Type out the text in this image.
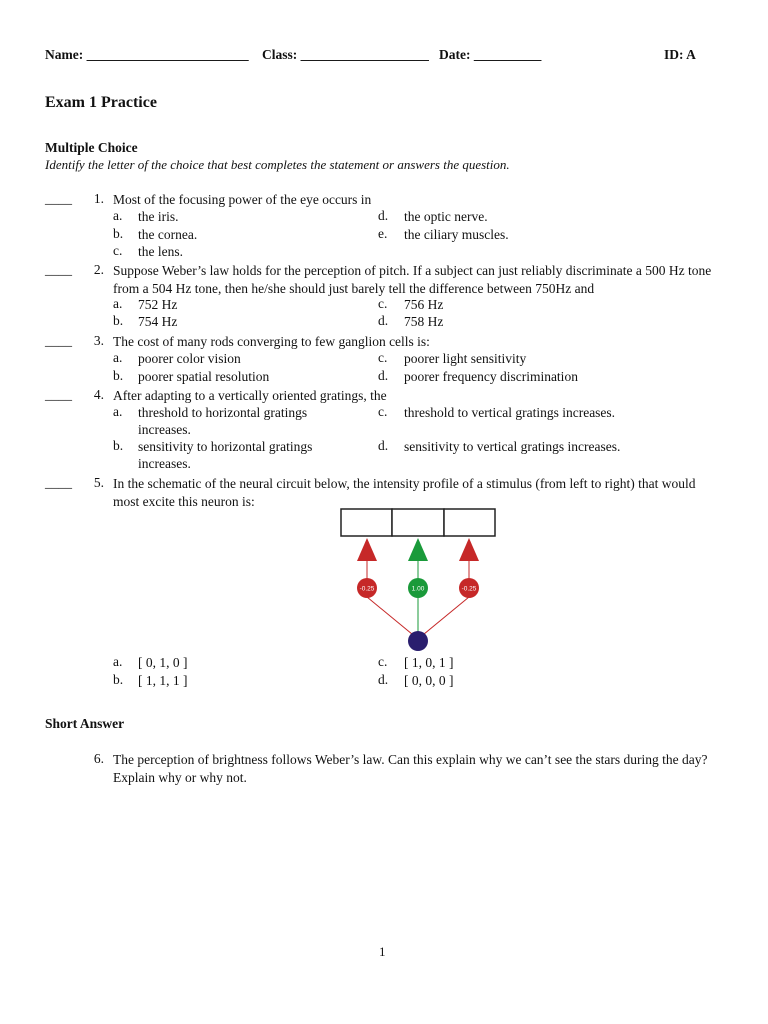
Name: ________________________ Class: ___________________ Date: __________	ID: A
Exam 1 Practice
Multiple Choice
Identify the letter of the choice that best completes the statement or answers the question.
____ 1. Most of the focusing power of the eye occurs in
a.	the iris.
b.	the cornea.
c.	the lens.
d.	the optic nerve.
e.	the ciliary muscles.
____ 2. Suppose Weber’s law holds for the perception of pitch. If a subject can just reliably discriminate a 500 Hz tone from a 504 Hz tone, then he/she should just barely tell the difference between 750Hz and
a.	752 Hz
b.	754 Hz
c.	756 Hz
d.	758 Hz
____ 3. The cost of many rods converging to few ganglion cells is:
a.	poorer color vision
b.	poorer spatial resolution
c.	poorer light sensitivity
d.	poorer frequency discrimination
____ 4. After adapting to a vertically oriented gratings, the
a.	threshold to horizontal gratings increases.
b.	sensitivity to horizontal gratings increases.
c.	threshold to vertical gratings increases.
d.	sensitivity to vertical gratings increases.
____ 5. In the schematic of the neural circuit below, the intensity profile of a stimulus (from left to right) that would most excite this neuron is:
-0.25	1.00	-0.25
a.	[ 0, 1, 0 ]
b.	[ 1, 1, 1 ]
c.	[ 1, 0, 1 ]
d.	[ 0, 0, 0 ]
Short Answer
6. The perception of brightness follows Weber’s law. Can this explain why we can’t see the stars during the day? Explain why or why not.
1
